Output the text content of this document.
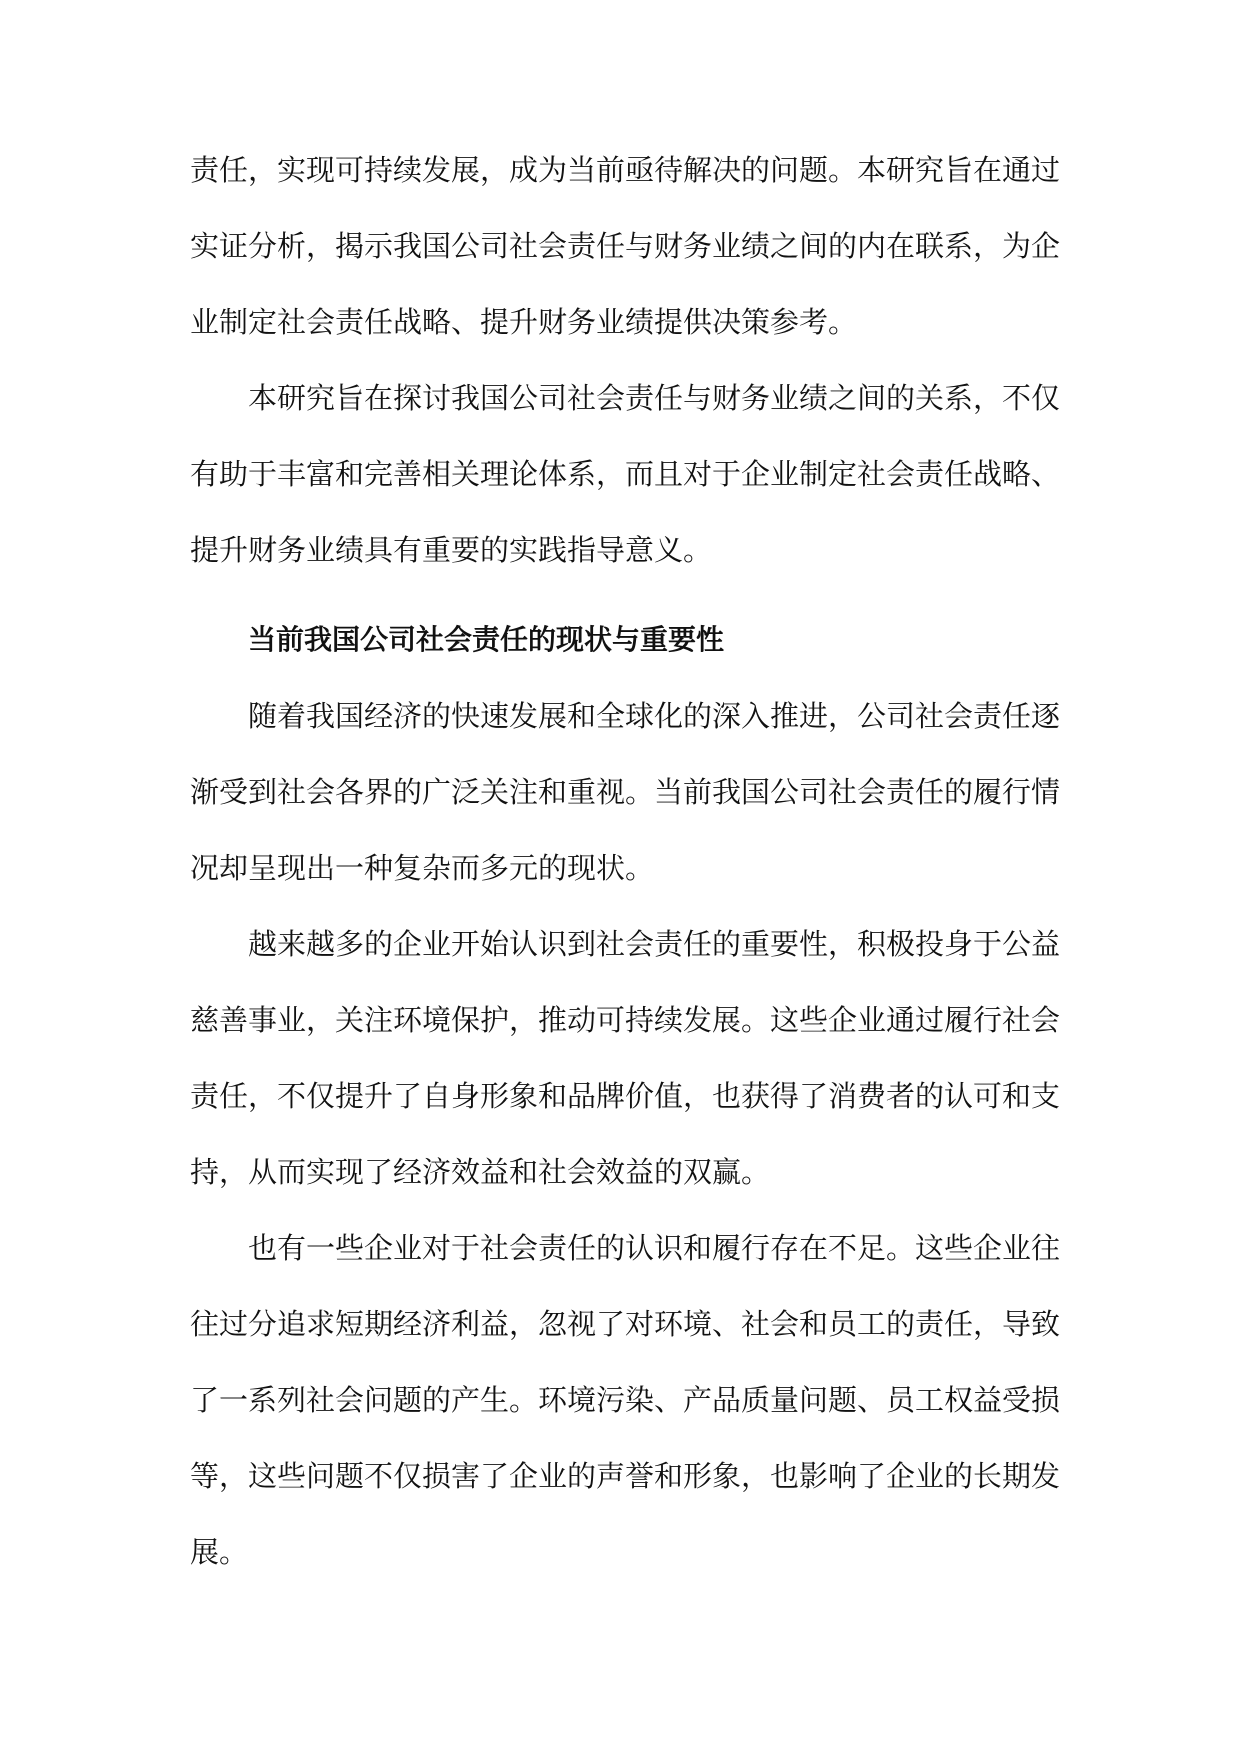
责任，实现可持续发展，成为当前亟待解决的问题。本研究旨在通过实证分析，揭示我国公司社会责任与财务业绩之间的内在联系，为企业制定社会责任战略、提升财务业绩提供决策参考。

本研究旨在探讨我国公司社会责任与财务业绩之间的关系，不仅有助于丰富和完善相关理论体系，而且对于企业制定社会责任战略、提升财务业绩具有重要的实践指导意义。

当前我国公司社会责任的现状与重要性

随着我国经济的快速发展和全球化的深入推进，公司社会责任逐渐受到社会各界的广泛关注和重视。当前我国公司社会责任的履行情况却呈现出一种复杂而多元的现状。

越来越多的企业开始认识到社会责任的重要性，积极投身于公益慈善事业，关注环境保护，推动可持续发展。这些企业通过履行社会责任，不仅提升了自身形象和品牌价值，也获得了消费者的认可和支持，从而实现了经济效益和社会效益的双赢。

也有一些企业对于社会责任的认识和履行存在不足。这些企业往往过分追求短期经济利益，忽视了对环境、社会和员工的责任，导致了一系列社会问题的产生。环境污染、产品质量问题、员工权益受损等，这些问题不仅损害了企业的声誉和形象，也影响了企业的长期发展。
